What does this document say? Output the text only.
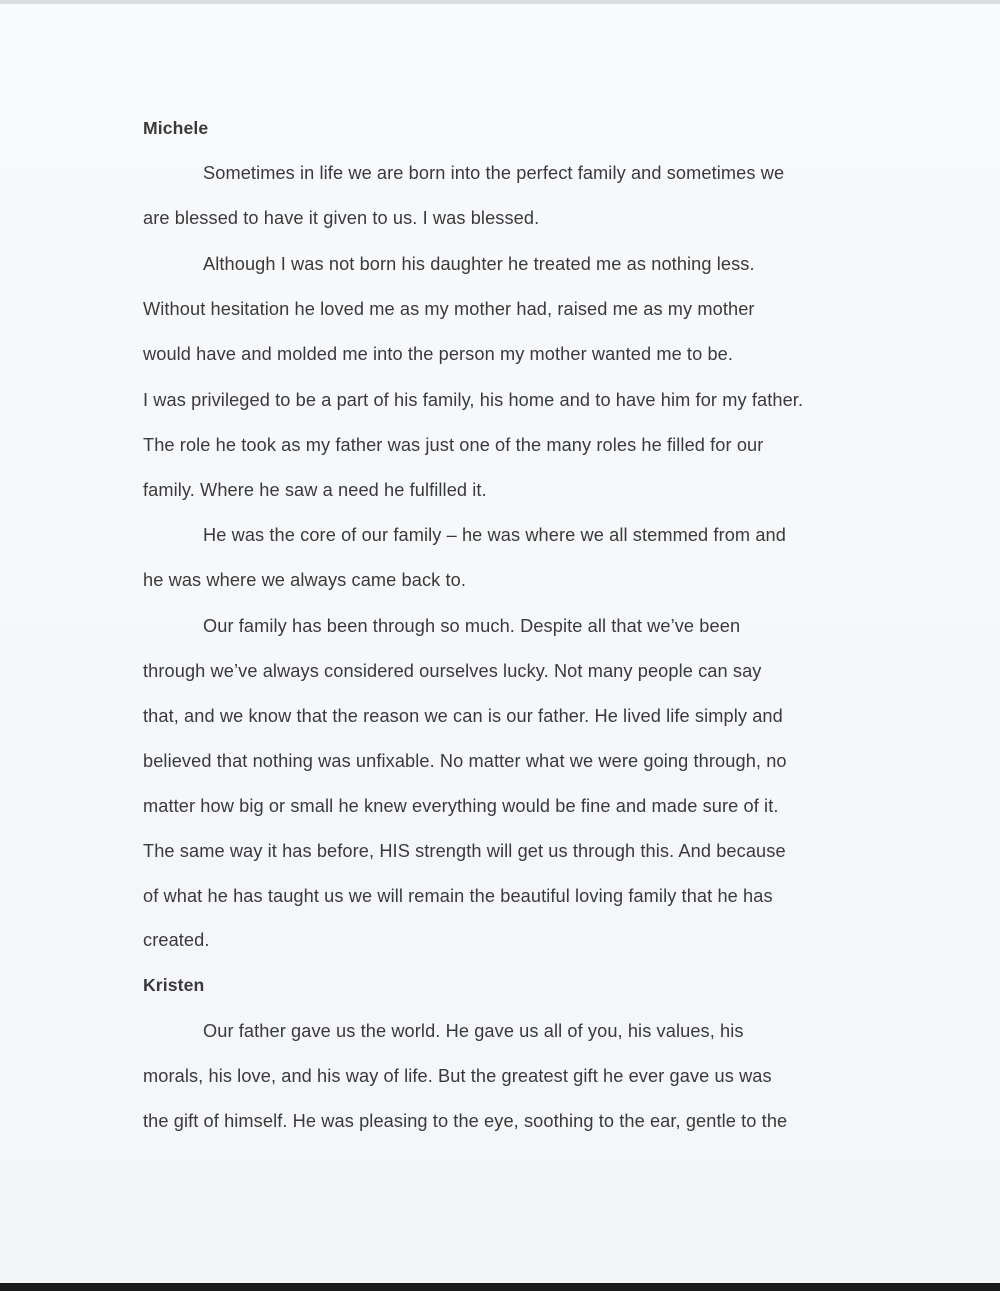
Michele
Sometimes in life we are born into the perfect family and sometimes we
are blessed to have it given to us. I was blessed.
Although I was not born his daughter he treated me as nothing less.
Without hesitation he loved me as my mother had, raised me as my mother
would have and molded me into the person my mother wanted me to be.
I was privileged to be a part of his family, his home and to have him for my father.
The role he took as my father was just one of the many roles he filled for our
family. Where he saw a need he fulfilled it.
He was the core of our family – he was where we all stemmed from and
he was where we always came back to.
Our family has been through so much. Despite all that we’ve been
through we’ve always considered ourselves lucky. Not many people can say
that, and we know that the reason we can is our father. He lived life simply and
believed that nothing was unfixable. No matter what we were going through, no
matter how big or small he knew everything would be fine and made sure of it.
The same way it has before, HIS strength will get us through this. And because
of what he has taught us we will remain the beautiful loving family that he has
created.
Kristen
Our father gave us the world. He gave us all of you, his values, his
morals, his love, and his way of life. But the greatest gift he ever gave us was
the gift of himself. He was pleasing to the eye, soothing to the ear, gentle to the
